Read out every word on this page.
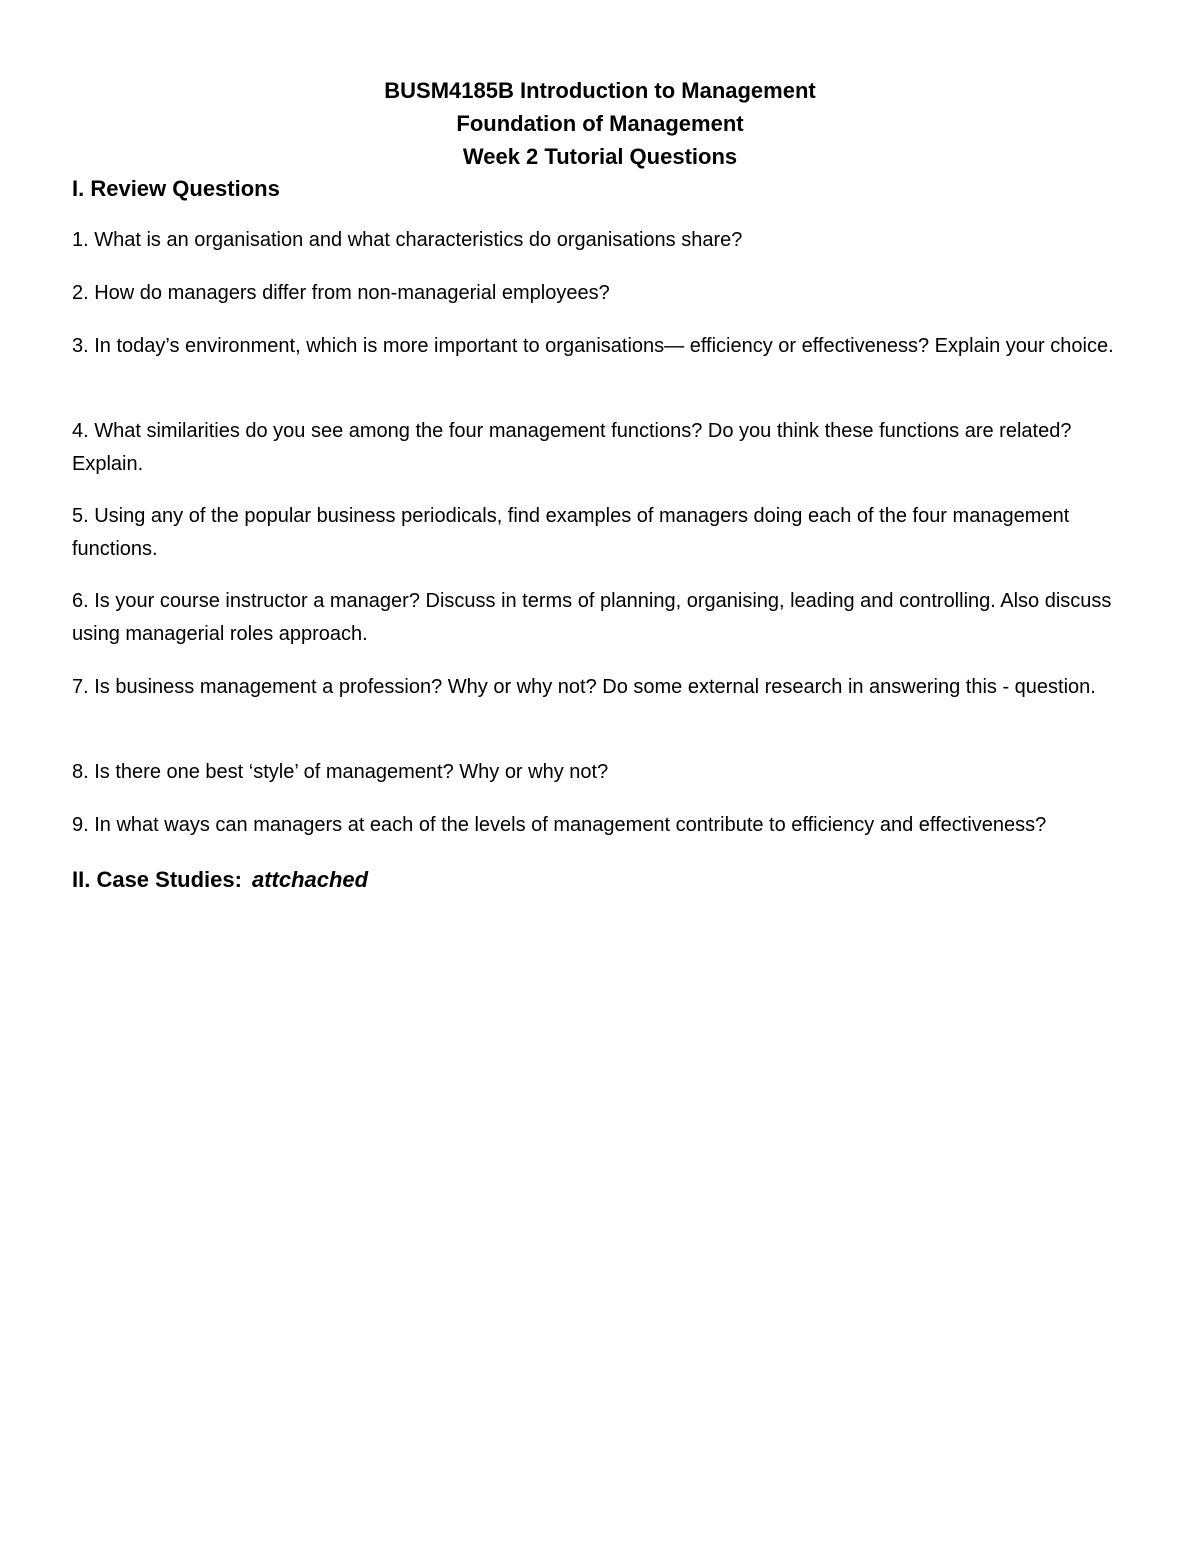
BUSM4185B Introduction to Management
Foundation of Management
Week 2 Tutorial Questions
I. Review Questions
1. What is an organisation and what characteristics do organisations share?
2. How do managers differ from non-managerial employees?
3. In today’s environment, which is more important to organisations— efficiency or effectiveness? Explain your choice.
4. What similarities do you see among the four management functions? Do you think these functions are related? Explain.
5. Using any of the popular business periodicals, find examples of managers doing each of the four management functions.
6. Is your course instructor a manager? Discuss in terms of planning, organising, leading and controlling. Also discuss using managerial roles approach.
7. Is business management a profession? Why or why not? Do some external research in answering this - question.
8. Is there one best ‘style’ of management? Why or why not?
9. In what ways can managers at each of the levels of management contribute to efficiency and effectiveness?
II. Case Studies: attchached
